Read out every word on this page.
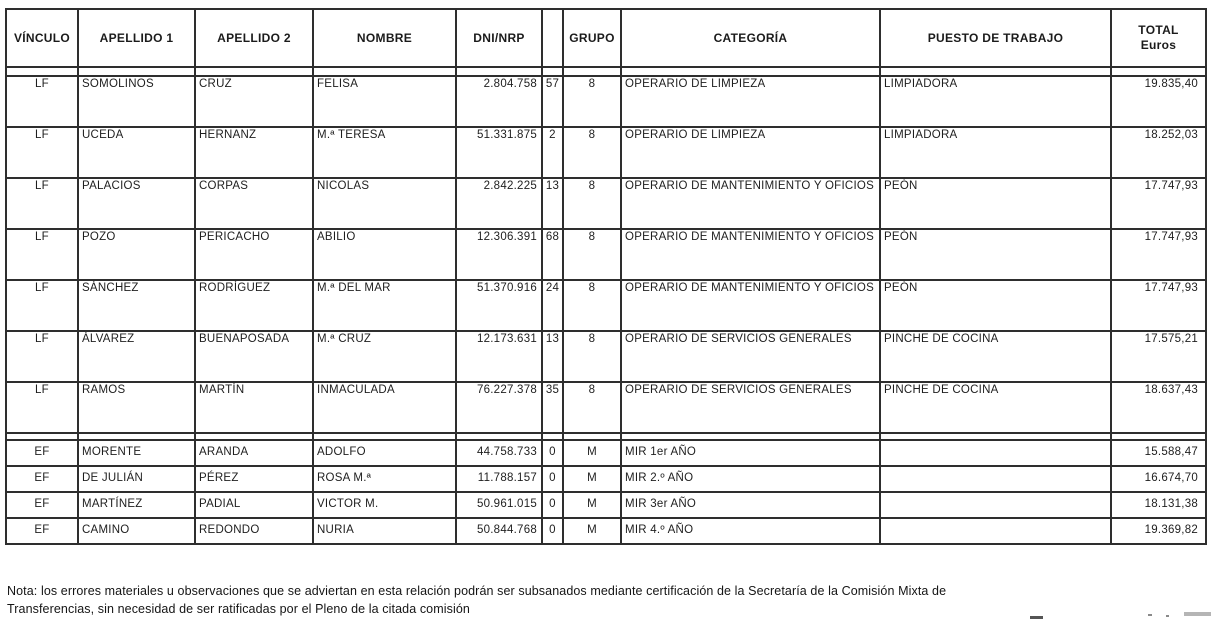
VÍNCULO	APELLIDO 1	APELLIDO 2	NOMBRE	DNI/NRP		GRUPO	CATEGORÍA	PUESTO DE TRABAJO	TOTAL
Euros

LF	SOMOLINOS	CRUZ	FELISA	2.804.758	57	8	OPERARIO DE LIMPIEZA	LIMPIADORA	19.835,40
LF	UCEDA	HERNANZ	M.ª TERESA	51.331.875	2	8	OPERARIO DE LIMPIEZA	LIMPIADORA	18.252,03
LF	PALACIOS	CORPAS	NICOLAS	2.842.225	13	8	OPERARIO DE MANTENIMIENTO Y OFICIOS	PEÓN	17.747,93
LF	POZO	PERICACHO	ABILIO	12.306.391	68	8	OPERARIO DE MANTENIMIENTO Y OFICIOS	PEÓN	17.747,93
LF	SÁNCHEZ	RODRÍGUEZ	M.ª DEL MAR	51.370.916	24	8	OPERARIO DE MANTENIMIENTO Y OFICIOS	PEÓN	17.747,93
LF	ÁLVAREZ	BUENAPOSADA	M.ª CRUZ	12.173.631	13	8	OPERARIO DE SERVICIOS GENERALES	PINCHE DE COCINA	17.575,21
LF	RAMOS	MARTÍN	INMACULADA	76.227.378	35	8	OPERARIO DE SERVICIOS GENERALES	PINCHE DE COCINA	18.637,43

EF	MORENTE	ARANDA	ADOLFO	44.758.733	0	M	MIR 1er AÑO		15.588,47
EF	DE JULIÁN	PÉREZ	ROSA M.ª	11.788.157	0	M	MIR 2.º AÑO		16.674,70
EF	MARTÍNEZ	PADIAL	VICTOR M.	50.961.015	0	M	MIR 3er AÑO		18.131,38
EF	CAMINO	REDONDO	NURIA	50.844.768	0	M	MIR 4.º AÑO		19.369,82
Nota: los errores materiales u observaciones que se adviertan en esta relación podrán ser subsanados mediante certificación de la Secretaría de la Comisión Mixta de
Transferencias, sin necesidad de ser ratificadas por el Pleno de la citada comisión
